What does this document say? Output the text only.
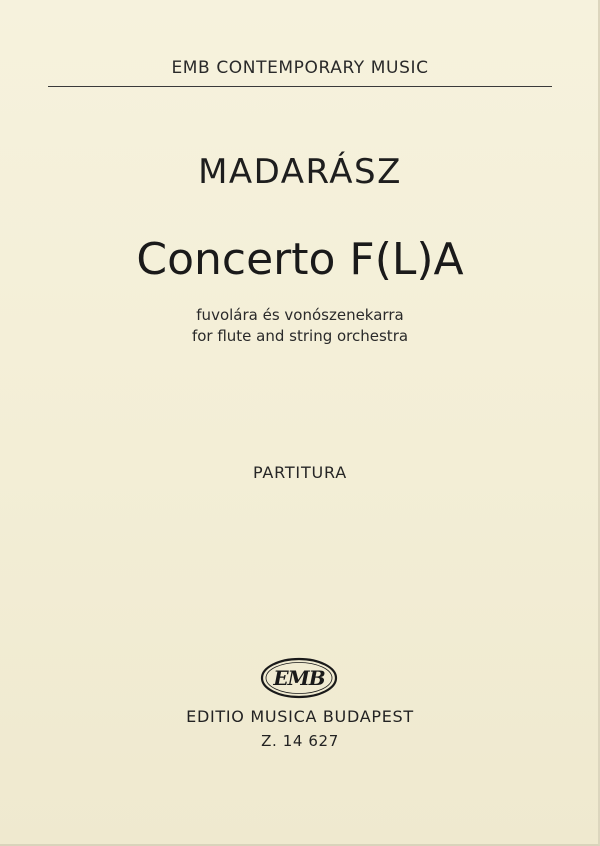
EMB CONTEMPORARY MUSIC
MADARÁSZ
Concerto F(L)A
fuvolára és vonószenekarra
for flute and string orchestra
PARTITURA
EMB
EDITIO MUSICA BUDAPEST
Z. 14 627
